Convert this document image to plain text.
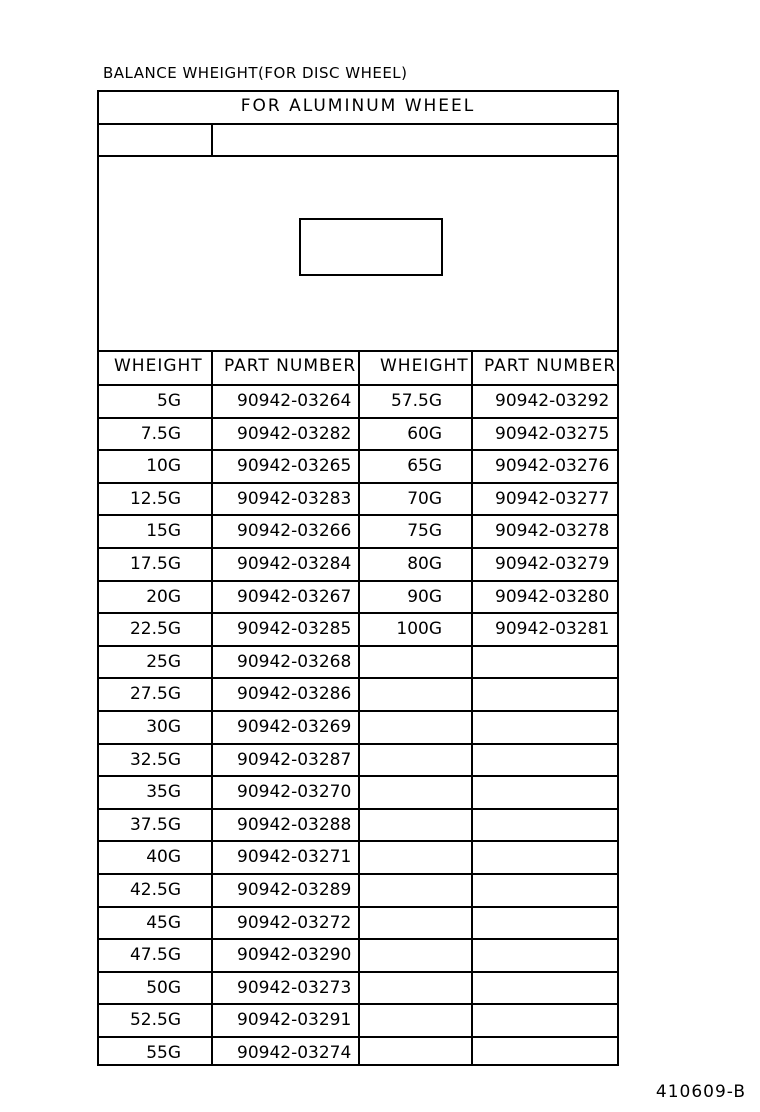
BALANCE WHEIGHT(FOR DISC WHEEL)
FOR ALUMINUM WHEEL
WHEIGHT PART NUMBER WHEIGHT PART NUMBER
5G	90942-03264 57.5G	90942-03292
7.5G	90942-03282	60G	90942-03275
10G	90942-03265	65G	90942-03276
12.5G	90942-03283	70G	90942-03277
15G	90942-03266	75G	90942-03278
17.5G	90942-03284	80G	90942-03279
20G	90942-03267	90G	90942-03280
22.5G	90942-03285	100G	90942-03281
25G	90942-03268
27.5G	90942-03286
30G	90942-03269
32.5G	90942-03287
35G	90942-03270
37.5G	90942-03288
40G	90942-03271
42.5G	90942-03289
45G	90942-03272
47.5G	90942-03290
50G	90942-03273
52.5G	90942-03291
55G	90942-03274
410609-B
